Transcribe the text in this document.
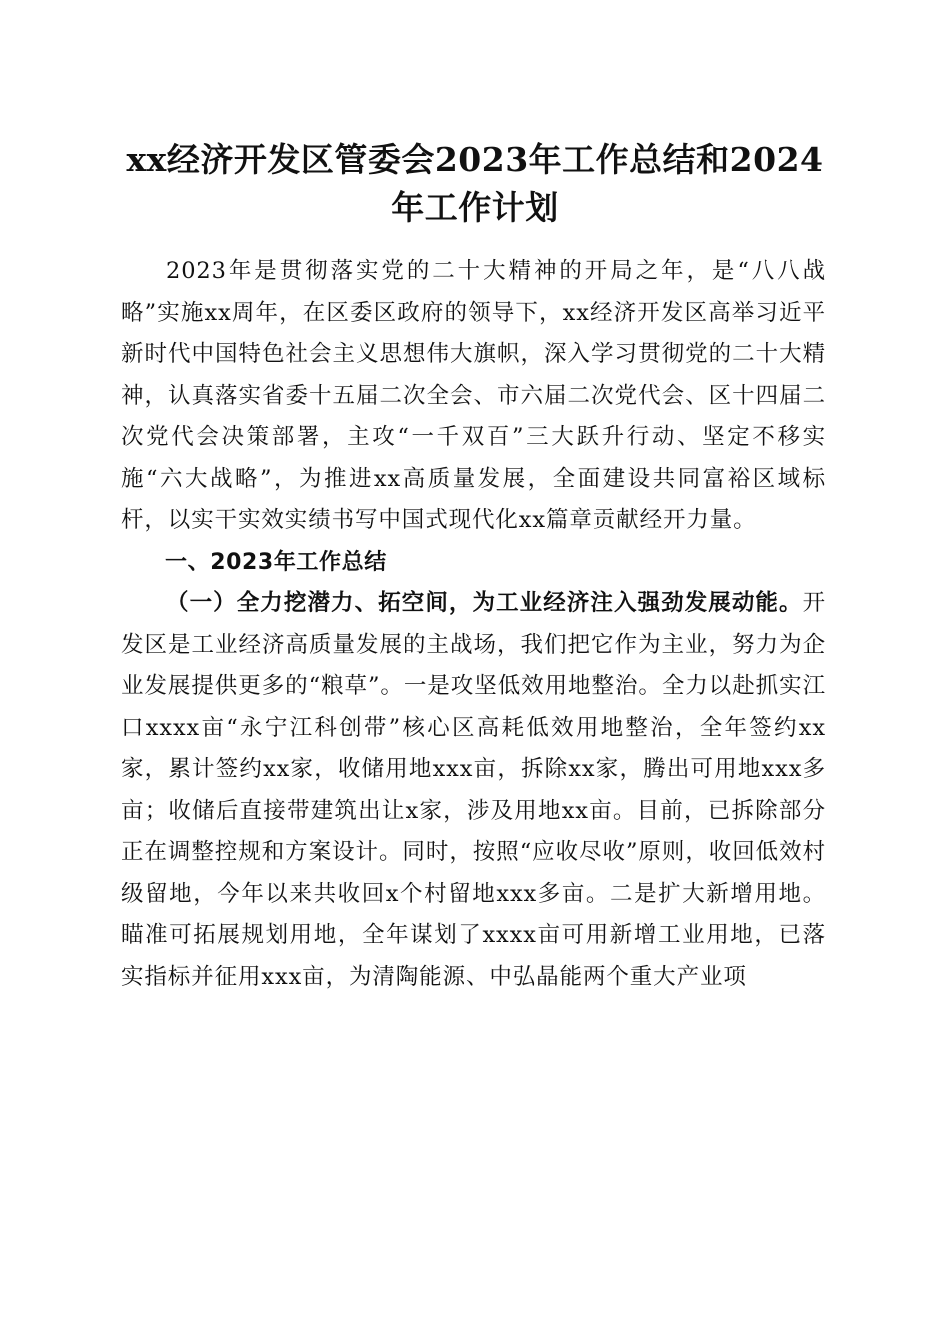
xx经济开发区管委会2023年工作总结和2024
年工作计划

2023年是贯彻落实党的二十大精神的开局之年，是“八八战略”实施xx周年，在区委区政府的领导下，xx经济开发区高举习近平新时代中国特色社会主义思想伟大旗帜，深入学习贯彻党的二十大精神，认真落实省委十五届二次全会、市六届二次党代会、区十四届二次党代会决策部署，主攻“一千双百”三大跃升行动、坚定不移实施“六大战略”，为推进xx高质量发展，全面建设共同富裕区域标杆，以实干实效实绩书写中国式现代化xx篇章贡献经开力量。

一、2023年工作总结

（一）全力挖潜力、拓空间，为工业经济注入强劲发展动能。开发区是工业经济高质量发展的主战场，我们把它作为主业，努力为企业发展提供更多的“粮草”。一是攻坚低效用地整治。全力以赴抓实江口xxxx亩“永宁江科创带”核心区高耗低效用地整治，全年签约xx家，累计签约xx家，收储用地xxx亩，拆除xx家，腾出可用地xxx多亩；收储后直接带建筑出让x家，涉及用地xx亩。目前，已拆除部分正在调整控规和方案设计。同时，按照“应收尽收”原则，收回低效村级留地，今年以来共收回x个村留地xxx多亩。二是扩大新增用地。瞄准可拓展规划用地，全年谋划了xxxx亩可用新增工业用地，已落实指标并征用xxx亩，为清陶能源、中弘晶能两个重大产业项
